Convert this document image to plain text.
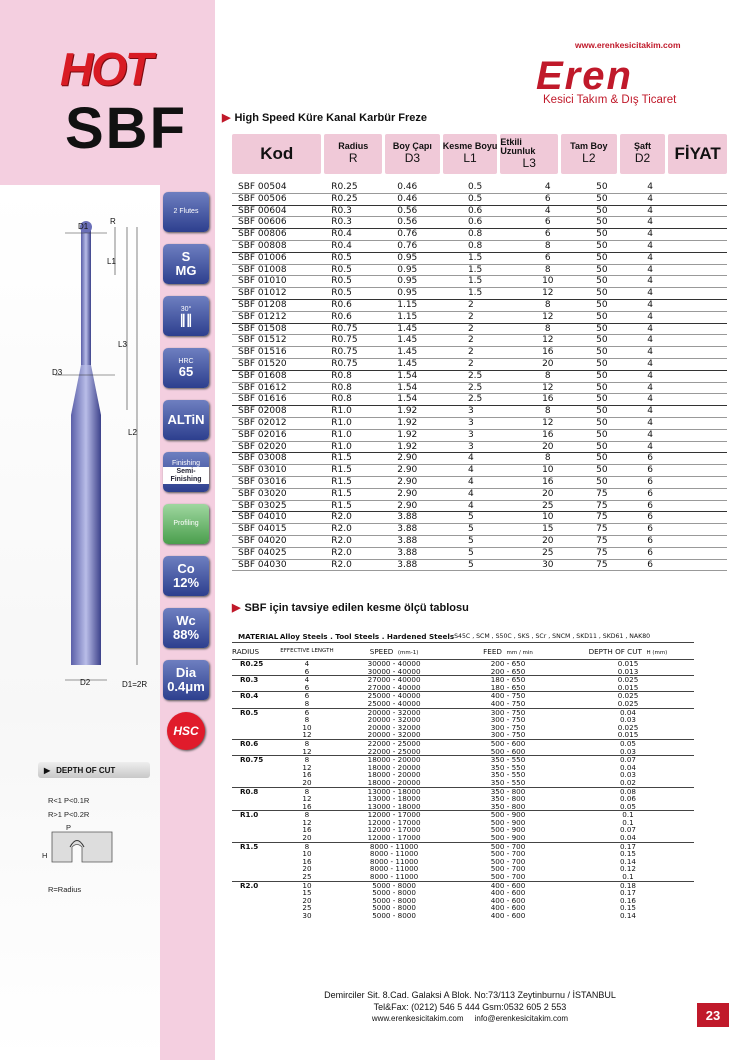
HOT
SBF
D1
R
L1
L3
D3
L2
D2	D1=2R
2 Flutes
S
MG
30°
∥∥
HRC
65
ALTiN
Finishing
Semi-Finishing
Profiling
Co
12%
Wc
88%
Dia
0.4μm
HSC
▶ DEPTH OF CUT
R<1 P<0.1R
R>1 P<0.2R
P
H
R=Radius
www.erenkesicitakim.com
Eren
Kesici Takım & Dış Ticaret
▶ High Speed Küre Kanal Karbür Freze
Kod	Radius
R
Boy Çapı
D3
Kesme Boyu
L1
Etkili Uzunluk
L3
Tam Boy
L2
Şaft
D2	FİYAT
SBF 00504	R0.25	0.46	0.5	4	50	4	
SBF 00506	R0.25	0.46	0.5	6	50	4	
SBF 00604	R0.3	0.56	0.6	4	50	4	
SBF 00606	R0.3	0.56	0.6	6	50	4	
SBF 00806	R0.4	0.76	0.8	6	50	4	
SBF 00808	R0.4	0.76	0.8	8	50	4	
SBF 01006	R0.5	0.95	1.5	6	50	4	
SBF 01008	R0.5	0.95	1.5	8	50	4	
SBF 01010	R0.5	0.95	1.5	10	50	4	
SBF 01012	R0.5	0.95	1.5	12	50	4	
SBF 01208	R0.6	1.15	2	8	50	4	
SBF 01212	R0.6	1.15	2	12	50	4	
SBF 01508	R0.75	1.45	2	8	50	4	
SBF 01512	R0.75	1.45	2	12	50	4	
SBF 01516	R0.75	1.45	2	16	50	4	
SBF 01520	R0.75	1.45	2	20	50	4	
SBF 01608	R0.8	1.54	2.5	8	50	4	
SBF 01612	R0.8	1.54	2.5	12	50	4	
SBF 01616	R0.8	1.54	2.5	16	50	4	
SBF 02008	R1.0	1.92	3	8	50	4	
SBF 02012	R1.0	1.92	3	12	50	4	
SBF 02016	R1.0	1.92	3	16	50	4	
SBF 02020	R1.0	1.92	3	20	50	4	
SBF 03008	R1.5	2.90	4	8	50	6	
SBF 03010	R1.5	2.90	4	10	50	6	
SBF 03016	R1.5	2.90	4	16	50	6	
SBF 03020	R1.5	2.90	4	20	75	6	
SBF 03025	R1.5	2.90	4	25	75	6	
SBF 04010	R2.0	3.88	5	10	75	6	
SBF 04015	R2.0	3.88	5	15	75	6	
SBF 04020	R2.0	3.88	5	20	75	6	
SBF 04025	R2.0	3.88	5	25	75	6	
SBF 04030	R2.0	3.88	5	30	75	6	
▶ SBF için tavsiye edilen kesme ölçü tablosu
MATERIAL	Alloy Steels . Tool Steels . Hardened Steels		S45C , SCM , S50C , SKS , SCr , SNCM , SKD11 , SKD61 , NAK80	
RADIUS	EFFECTIVE LENGTH	SPEED (mm-1)	FEED mm / min	DEPTH OF CUT H (mm)
R0.25	4	30000 - 40000	200 - 650	0.015
	6	30000 - 40000	200 - 650	0.013
R0.3	4	27000 - 40000	180 - 650	0.025
	6	27000 - 40000	180 - 650	0.015
R0.4	6	25000 - 40000	400 - 750	0.025
	8	25000 - 40000	400 - 750	0.025
R0.5	6	20000 - 32000	300 - 750	0.04
	8	20000 - 32000	300 - 750	0.03
	10	20000 - 32000	300 - 750	0.025
	12	20000 - 32000	300 - 750	0.015
R0.6	8	22000 - 25000	500 - 600	0.05
	12	22000 - 25000	500 - 600	0.03
R0.75	8	18000 - 20000	350 - 550	0.07
	12	18000 - 20000	350 - 550	0.04
	16	18000 - 20000	350 - 550	0.03
	20	18000 - 20000	350 - 550	0.02
R0.8	8	13000 - 18000	350 - 800	0.08
	12	13000 - 18000	350 - 800	0.06
	16	13000 - 18000	350 - 800	0.05
R1.0	8	12000 - 17000	500 - 900	0.1
	12	12000 - 17000	500 - 900	0.1
	16	12000 - 17000	500 - 900	0.07
	20	12000 - 17000	500 - 900	0.04
R1.5	8	8000 - 11000	500 - 700	0.17
	10	8000 - 11000	500 - 700	0.15
	16	8000 - 11000	500 - 700	0.14
	20	8000 - 11000	500 - 700	0.12
	25	8000 - 11000	500 - 700	0.1
R2.0	10	5000 - 8000	400 - 600	0.18
	15	5000 - 8000	400 - 600	0.17
	20	5000 - 8000	400 - 600	0.16
	25	5000 - 8000	400 - 600	0.15
	30	5000 - 8000	400 - 600	0.14
Demirciler Sit. 8.Cad. Galaksi A Blok. No:73/113 Zeytinburnu / İSTANBUL
Tel&Fax: (0212) 546 5 444 Gsm:0532 605 2 553
www.erenkesicitakim.com info@erenkesicitakim.com	23
